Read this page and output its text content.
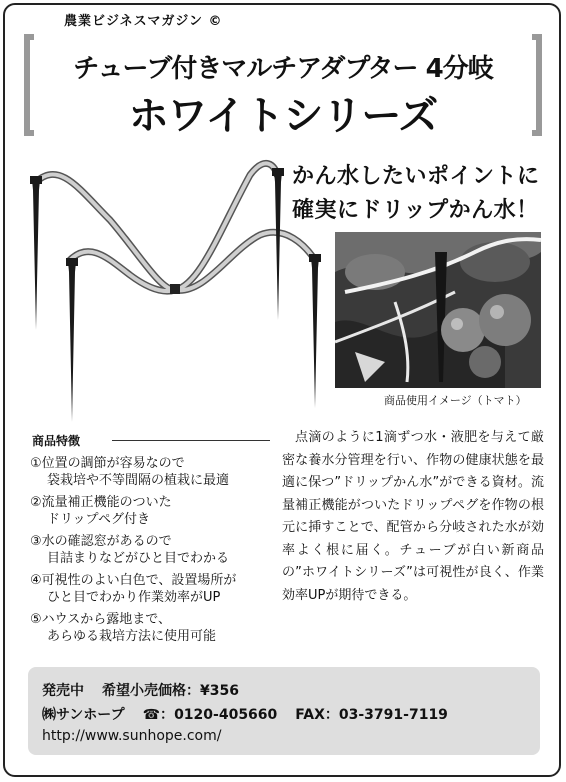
農業ビジネスマガジン ©
チューブ付きマルチアダプター 4分岐
ホワイトシリーズ
かん水したいポイントに
確実にドリップかん水！
商品使用イメージ（トマト）
商品特徴
①位置の調節が容易なので
袋栽培や不等間隔の植栽に最適
②流量補正機能のついた
ドリップペグ付き
③水の確認窓があるので
目詰まりなどがひと目でわかる
④可視性のよい白色で、設置場所が
ひと目でわかり作業効率がUP
⑤ハウスから露地まで、
あらゆる栽培方法に使用可能

点滴のように1滴ずつ水・液肥を与えて厳密な養水分管理を行い、作物の健康状態を最適に保つ”ドリップかん水”ができる資材。流量補正機能がついたドリップペグを作物の根元に挿すことで、配管から分岐された水が効率よく根に届く。チューブが白い新商品の”ホワイトシリーズ”は可視性が良く、作業効率UPが期待できる。

発売中 希望小売価格：¥356
㈱サンホープ ☎：0120-405660 FAX：03-3791-7119
http://www.sunhope.com/
